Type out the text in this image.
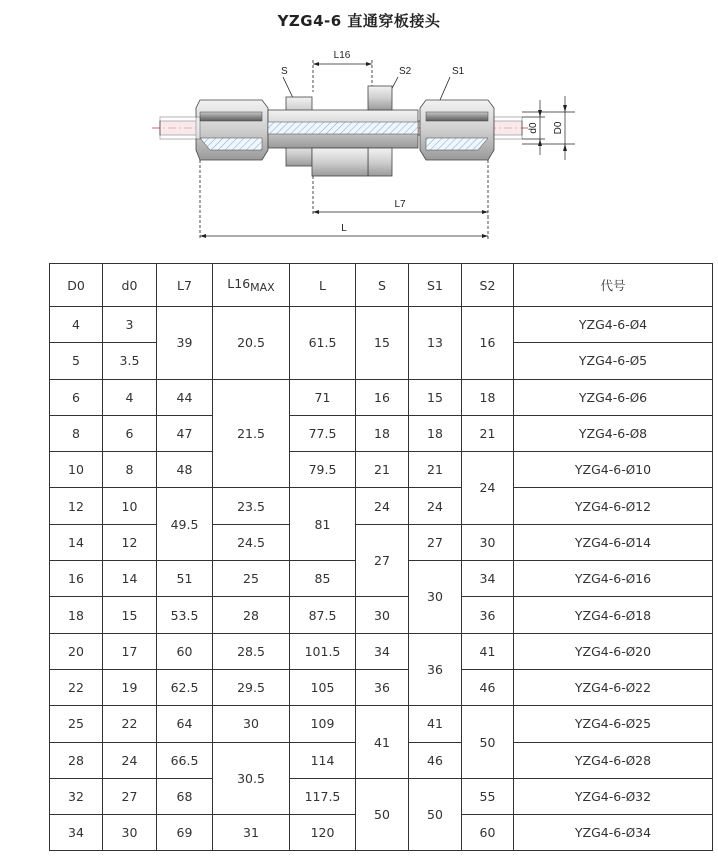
YZG4-6 直通穿板接头
L16
S	S2	S1
d0 D0
L7
L
D0	d0	L7	L16MAX	L	S	S1	S2	代号
4	3	39	20.5	61.5	15	13	16	YZG4-6-Ø4
5	3.5							YZG4-6-Ø5
6	4	44	21.5	71	16	15	18	YZG4-6-Ø6
8	6	47		77.5	18	18	21	YZG4-6-Ø8
10	8	48		79.5	21	21	24	YZG4-6-Ø10
12	10	49.5	23.5	81	24	24		YZG4-6-Ø12
14	12		24.5		27	27	30	YZG4-6-Ø14
16	14	51	25	85		30	34	YZG4-6-Ø16
18	15	53.5	28	87.5	30		36	YZG4-6-Ø18
20	17	60	28.5	101.5	34	36	41	YZG4-6-Ø20
22	19	62.5	29.5	105	36		46	YZG4-6-Ø22
25	22	64	30	109	41	41	50	YZG4-6-Ø25
28	24	66.5	30.5	114		46		YZG4-6-Ø28
32	27	68		117.5	50	50	55	YZG4-6-Ø32
34	30	69	31	120			60	YZG4-6-Ø34
